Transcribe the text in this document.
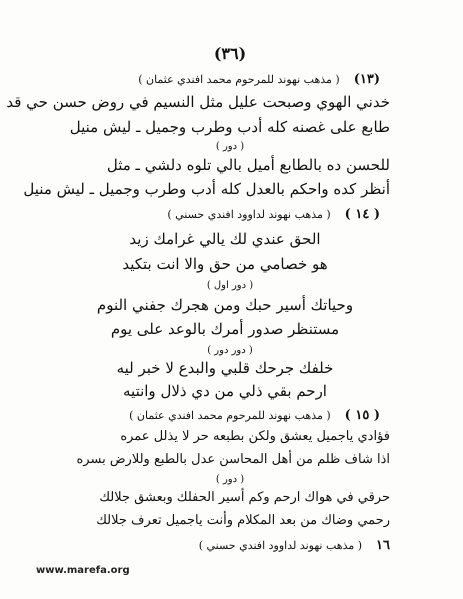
(٣٦)
(١٣)    ( مذهب نهوند للمرحوم محمد افندي عثمان )
خدني الهوي وصبحت عليل مثل النسيم في روض حسن حي قد
طابع على غصنه كله أدب وطرب وجميل ـ ليش منيل
( دور )
للحسن ده بالطابع أميل بالي تلوه دلشي ـ مثل
أنظر كده واحكم بالعدل كله أدب وطرب وجميل ـ ليش منيل
( ١٤ )    ( مذهب نهوند لداوود افندي حسني )
الحق عندي لك يالي غرامك زيد
هو خصامي من حق والا انت بتكيد
( دور اول )
وحياتك أسير حبك ومن هجرك جفني النوم
مستنظر صدور أمرك بالوعد على يوم
( دور دور )
خلفك جرحك قلبي والبدع لا خبر ليه
ارحم بقي ذلي من دي ذلال وانتيه
( ١٥ )    ( مذهب نهوند للمرحوم محمد افندي عثمان )
فؤادي ياجميل يعشق ولكن بطبعه حر لا يذلل عمره
اذا شاف ظلم من أهل المحاسن عدل بالطبع وللارض بسره
( دور )
حرقي في هواك ارحم وكم أسير الحفلك وبعشق جلالك
رحمي وضاك من بعد المكلام وأنت ياجميل تعرف جلالك
١٦    ( مذهب نهوند لداوود افندي حسني )
www.marefa.org
